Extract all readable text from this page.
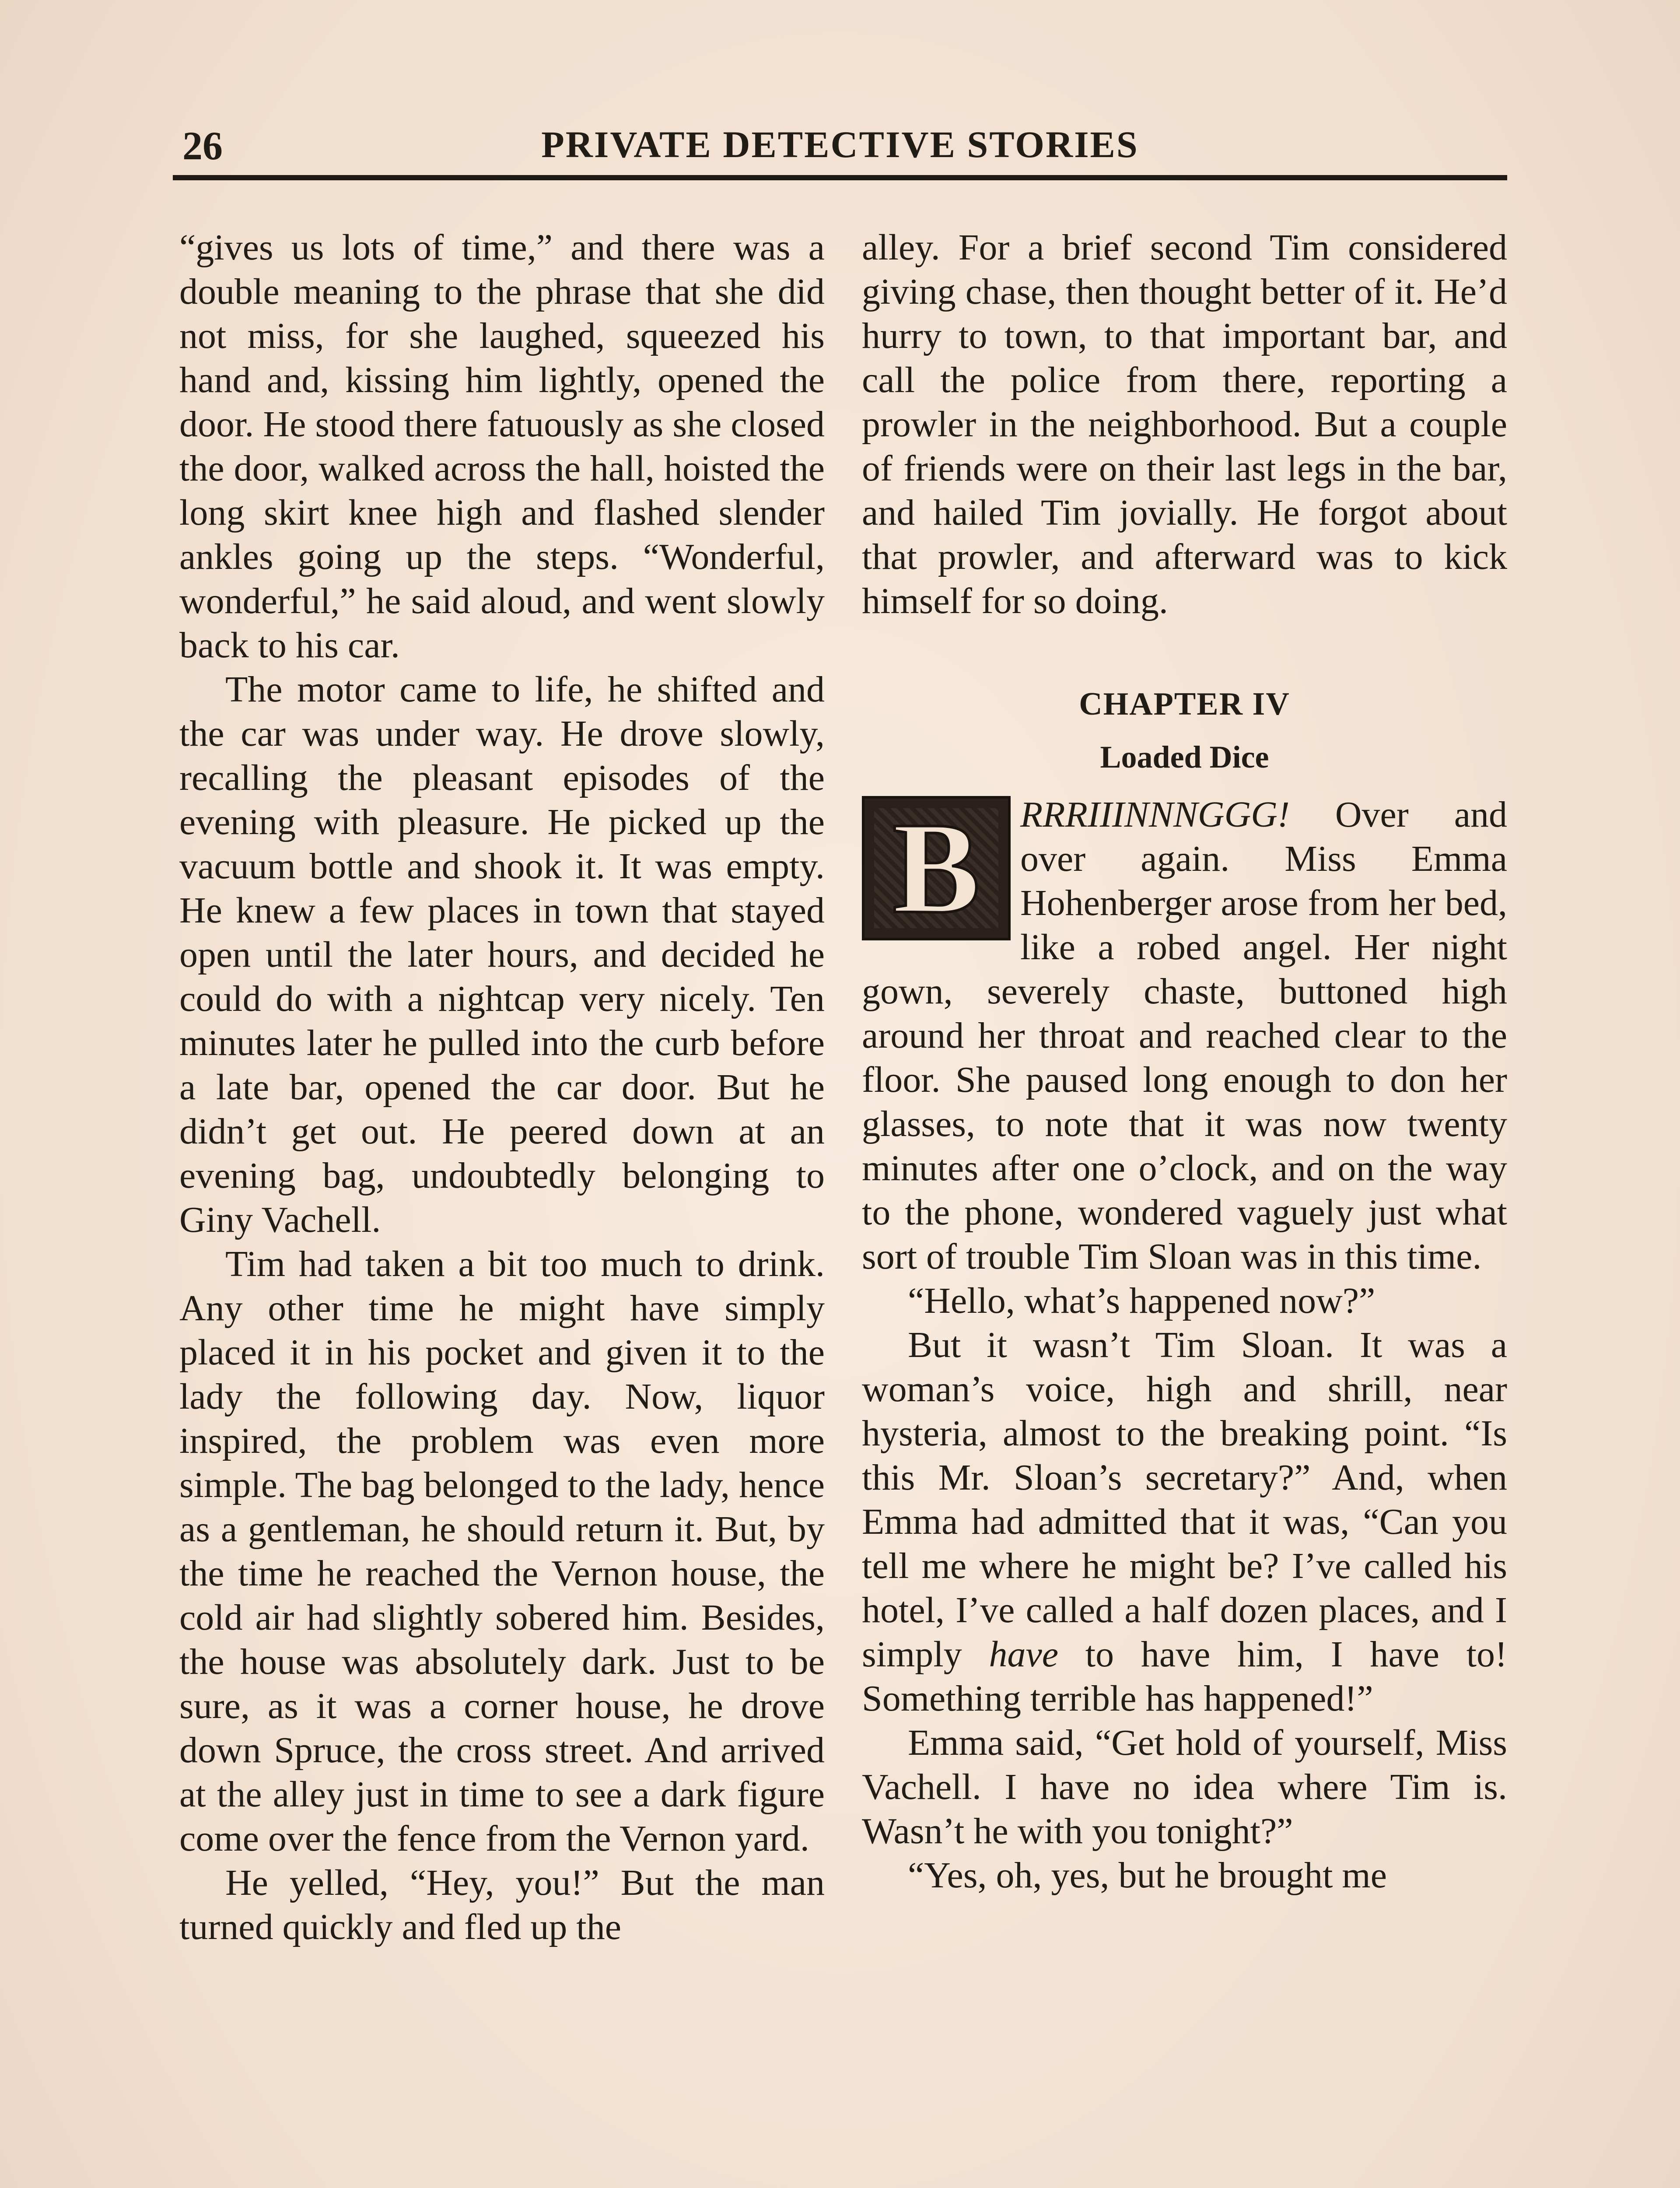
26	PRIVATE DETECTIVE STORIES

“gives us lots of time,” and there was a double meaning to the phrase that she did not miss, for she laughed, squeezed his hand and, kissing him lightly, opened the door. He stood there fatuously as she closed the door, walked across the hall, hoisted the long skirt knee high and flashed slender ankles going up the steps. “Wonderful, wonderful,” he said aloud, and went slowly back to his car.

The motor came to life, he shifted and the car was under way. He drove slowly, recalling the pleasant episodes of the evening with pleasure. He picked up the vacuum bottle and shook it. It was empty. He knew a few places in town that stayed open until the later hours, and decided he could do with a nightcap very nicely. Ten minutes later he pulled into the curb before a late bar, opened the car door. But he didn’t get out. He peered down at an evening bag, undoubtedly belonging to Giny Vachell.

Tim had taken a bit too much to drink. Any other time he might have simply placed it in his pocket and given it to the lady the following day. Now, liquor inspired, the problem was even more simple. The bag belonged to the lady, hence as a gentleman, he should return it. But, by the time he reached the Vernon house, the cold air had slightly sobered him. Besides, the house was absolutely dark. Just to be sure, as it was a corner house, he drove down Spruce, the cross street. And arrived at the alley just in time to see a dark figure come over the fence from the Vernon yard.

He yelled, “Hey, you!” But the man turned quickly and fled up the

alley. For a brief second Tim considered giving chase, then thought better of it. He’d hurry to town, to that important bar, and call the police from there, reporting a prowler in the neighborhood. But a couple of friends were on their last legs in the bar, and hailed Tim jovially. He forgot about that prowler, and afterward was to kick himself for so doing.

CHAPTER IV
Loaded Dice

B	RRRIIINNNGGG! Over and over again. Miss Emma Hohenberger arose from her bed, like a robed angel. Her night gown, severely chaste, buttoned high around her throat and reached clear to the floor. She paused long enough to don her glasses, to note that it was now twenty minutes after one o’clock, and on the way to the phone, wondered vaguely just what sort of trouble Tim Sloan was in this time.

“Hello, what’s happened now?”

But it wasn’t Tim Sloan. It was a woman’s voice, high and shrill, near hysteria, almost to the breaking point. “Is this Mr. Sloan’s secretary?” And, when Emma had admitted that it was, “Can you tell me where he might be? I’ve called his hotel, I’ve called a half dozen places, and I simply have to have him, I have to! Something terrible has happened!”

Emma said, “Get hold of yourself, Miss Vachell. I have no idea where Tim is. Wasn’t he with you tonight?”

“Yes, oh, yes, but he brought me
